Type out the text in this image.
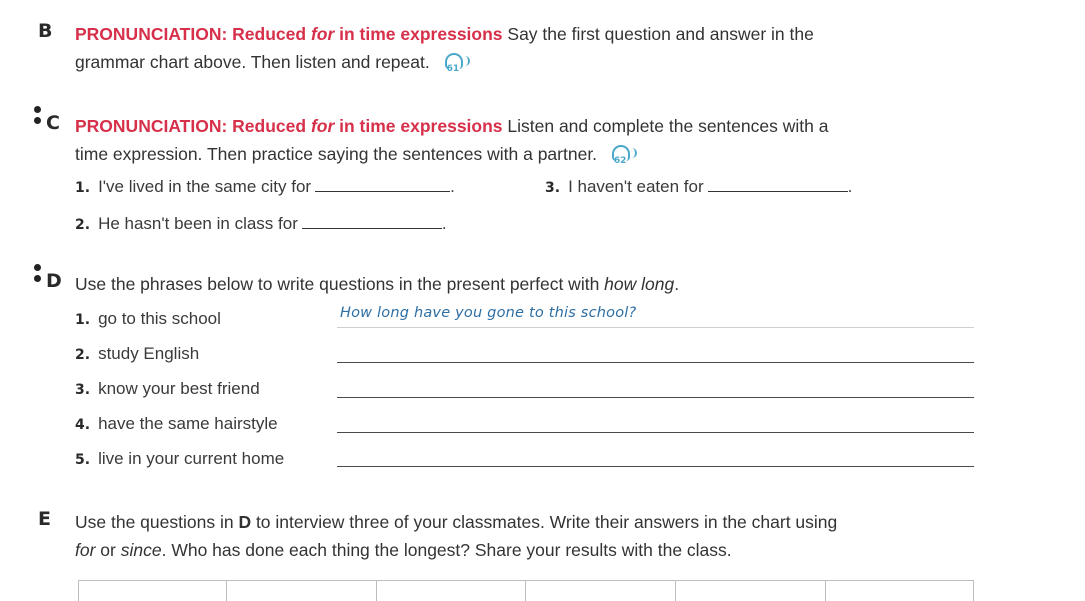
B PRONUNCIATION: Reduced for in time expressions Say the first question and answer in the
grammar chart above. Then listen and repeat. 61
C PRONUNCIATION: Reduced for in time expressions Listen and complete the sentences with a
time expression. Then practice saying the sentences with a partner. 62
1. I've lived in the same city for	.
2. He hasn't been in class for	.
3. I haven't eaten for	.
D Use the phrases below to write questions in the present perfect with how long.
1. go to this school	How long have you gone to this school?
2. study English
3. know your best friend
4. have the same hairstyle
5. live in your current home
E Use the questions in D to interview three of your classmates. Write their answers in the chart using
for or since. Who has done each thing the longest? Share your results with the class.
